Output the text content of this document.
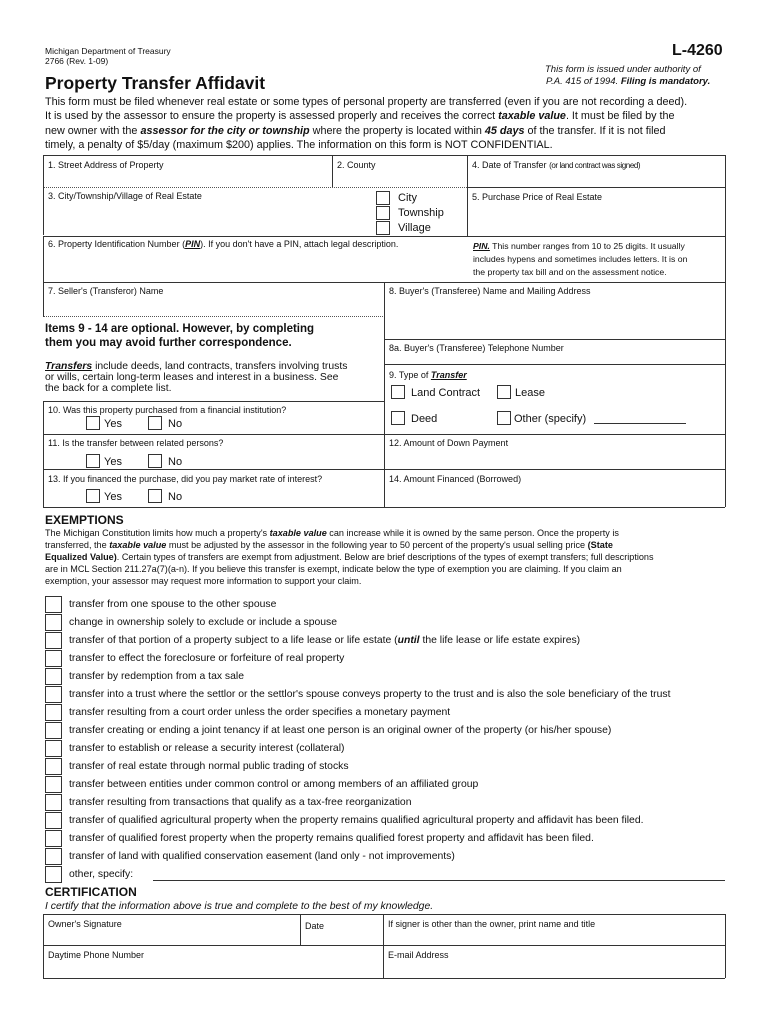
Michigan Department of Treasury
2766 (Rev. 1-09)
Property Transfer Affidavit
L-4260
This form is issued under authority of
P.A. 415 of 1994. Filing is mandatory.
This form must be filed whenever real estate or some types of personal property are transferred (even if you are not recording a deed).
It is used by the assessor to ensure the property is assessed properly and receives the correct taxable value. It must be filed by the
new owner with the assessor for the city or township where the property is located within 45 days of the transfer. If it is not filed
timely, a penalty of $5/day (maximum $200) applies. The information on this form is NOT CONFIDENTIAL.
1. Street Address of Property	2. County	4. Date of Transfer (or land contract was signed)
3. City/Township/Village of Real Estate	City
Township
Village
5. Purchase Price of Real Estate
6. Property Identification Number (PIN). If you don't have a PIN, attach legal description.	PIN. This number ranges from 10 to 25 digits. It usually
includes hypens and sometimes includes letters. It is on
the property tax bill and on the assessment notice.
7. Seller's (Transferor) Name	8. Buyer's (Transferee) Name and Mailing Address
Items 9 - 14 are optional. However, by completing
them you may avoid further correspondence.
Transfers include deeds, land contracts, transfers involving trusts
or wills, certain long-term leases and interest in a business. See
the back for a complete list.
8a. Buyer's (Transferee) Telephone Number
9. Type of Transfer
Land Contract	Lease
Deed	Other (specify)
10. Was this property purchased from a financial institution?
Yes	No
11. Is the transfer between related persons?
Yes	No
12. Amount of Down Payment
13. If you financed the purchase, did you pay market rate of interest?
Yes	No
14. Amount Financed (Borrowed)
EXEMPTIONS
The Michigan Constitution limits how much a property's taxable value can increase while it is owned by the same person. Once the property is
transferred, the taxable value must be adjusted by the assessor in the following year to 50 percent of the property's usual selling price (State
Equalized Value). Certain types of transfers are exempt from adjustment. Below are brief descriptions of the types of exempt transfers; full descriptions
are in MCL Section 211.27a(7)(a-n). If you believe this transfer is exempt, indicate below the type of exemption you are claiming. If you claim an
exemption, your assessor may request more information to support your claim.
transfer from one spouse to the other spouse
change in ownership solely to exclude or include a spouse
transfer of that portion of a property subject to a life lease or life estate (until the life lease or life estate expires)
transfer to effect the foreclosure or forfeiture of real property
transfer by redemption from a tax sale
transfer into a trust where the settlor or the settlor's spouse conveys property to the trust and is also the sole beneficiary of the trust
transfer resulting from a court order unless the order specifies a monetary payment
transfer creating or ending a joint tenancy if at least one person is an original owner of the property (or his/her spouse)
transfer to establish or release a security interest (collateral)
transfer of real estate through normal public trading of stocks
transfer between entities under common control or among members of an affiliated group
transfer resulting from transactions that qualify as a tax-free reorganization
transfer of qualified agricultural property when the property remains qualified agricultural property and affidavit has been filed.
transfer of qualified forest property when the property remains qualified forest property and affidavit has been filed.
transfer of land with qualified conservation easement (land only - not improvements)
other, specify:
CERTIFICATION
I certify that the information above is true and complete to the best of my knowledge.
Owner's Signature	Date	If signer is other than the owner, print name and title
Daytime Phone Number	E-mail Address
